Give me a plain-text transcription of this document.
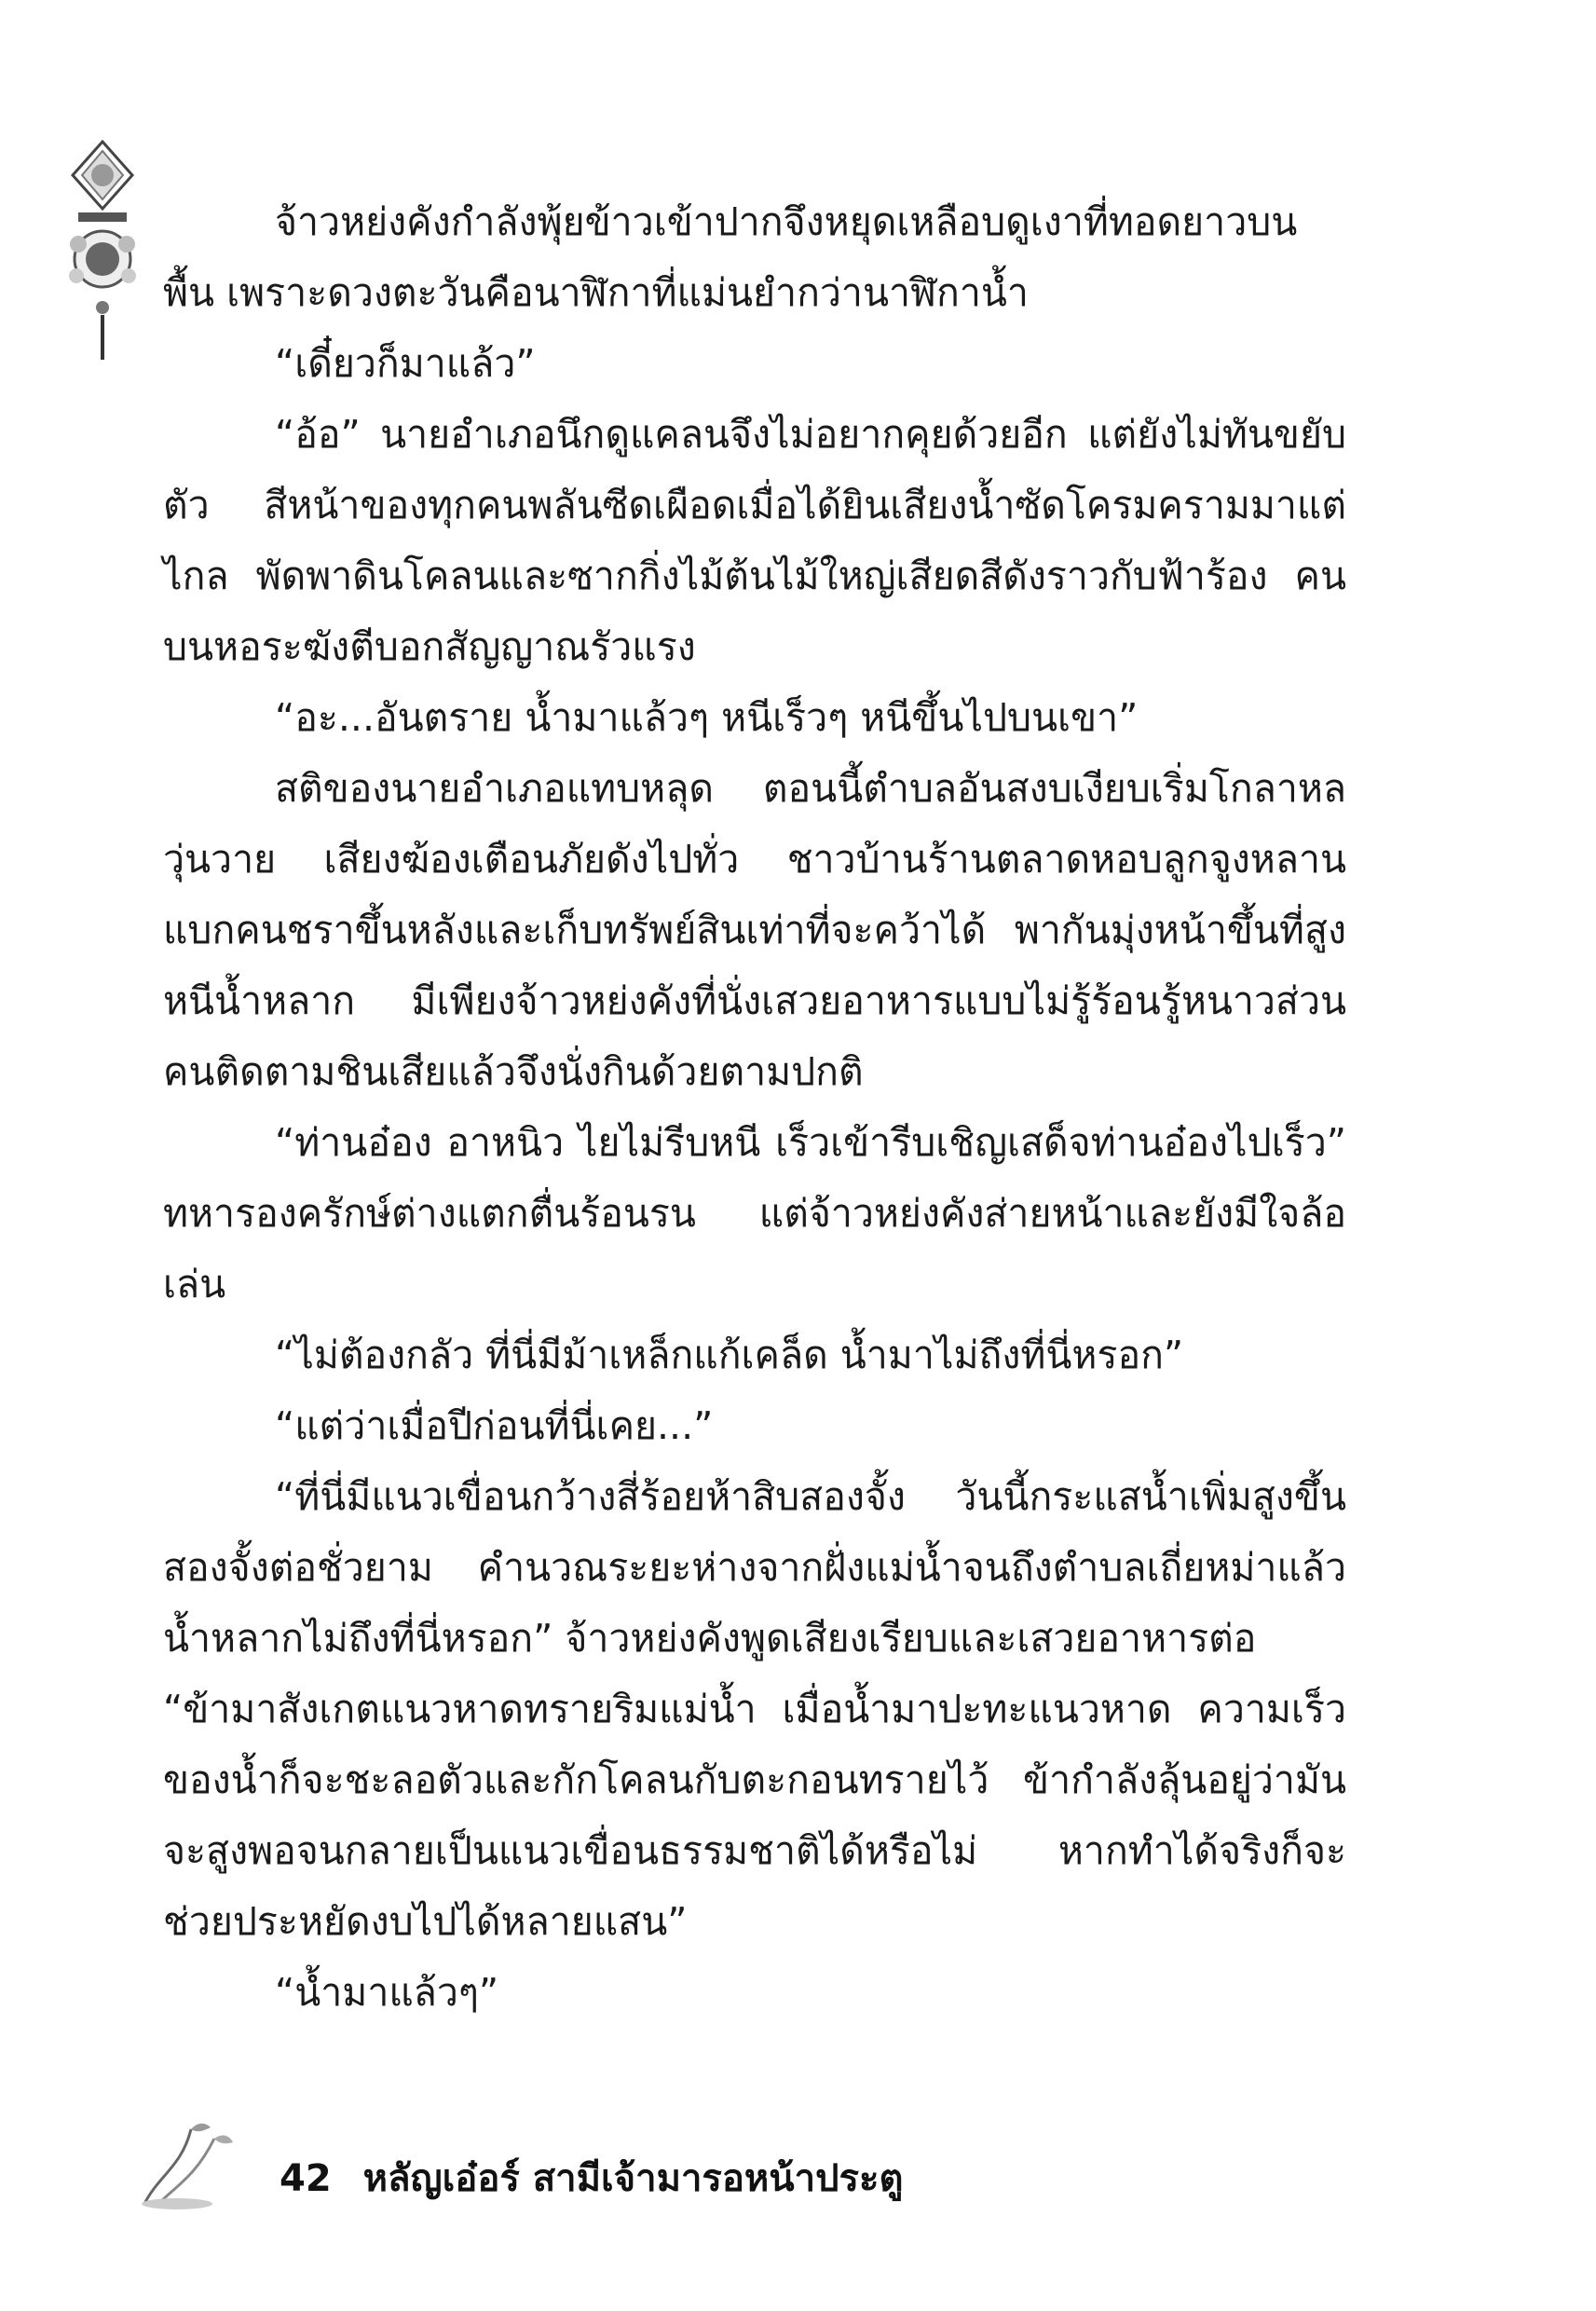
จ้าวหย่งคังกำลังพุ้ยข้าวเข้าปากจึงหยุดเหลือบดูเงาที่ทอดยาวบนพื้น เพราะดวงตะวันคือนาฬิกาที่แม่นยำกว่านาฬิกาน้ำ

“เดี๋ยวก็มาแล้ว”

“อ้อ” นายอำเภอนึกดูแคลนจึงไม่อยากคุยด้วยอีก แต่ยังไม่ทันขยับตัว สีหน้าของทุกคนพลันซีดเผือดเมื่อได้ยินเสียงน้ำซัดโครมครามมาแต่ไกล พัดพาดินโคลนและซากกิ่งไม้ต้นไม้ใหญ่เสียดสีดังราวกับฟ้าร้อง คนบนหอระฆังตีบอกสัญญาณรัวแรง

“อะ...อันตราย น้ำมาแล้วๆ หนีเร็วๆ หนีขึ้นไปบนเขา”

สติของนายอำเภอแทบหลุด ตอนนี้ตำบลอันสงบเงียบเริ่มโกลาหลวุ่นวาย เสียงฆ้องเตือนภัยดังไปทั่ว ชาวบ้านร้านตลาดหอบลูกจูงหลานแบกคนชราขึ้นหลังและเก็บทรัพย์สินเท่าที่จะคว้าได้ พากันมุ่งหน้าขึ้นที่สูงหนีน้ำหลาก มีเพียงจ้าวหย่งคังที่นั่งเสวยอาหารแบบไม่รู้ร้อนรู้หนาวส่วนคนติดตามชินเสียแล้วจึงนั่งกินด้วยตามปกติ

“ท่านอ๋อง อาหนิว ไยไม่รีบหนี เร็วเข้ารีบเชิญเสด็จท่านอ๋องไปเร็ว” ทหารองครักษ์ต่างแตกตื่นร้อนรน แต่จ้าวหย่งคังส่ายหน้าและยังมีใจล้อเล่น

“ไม่ต้องกลัว ที่นี่มีม้าเหล็กแก้เคล็ด น้ำมาไม่ถึงที่นี่หรอก”

“แต่ว่าเมื่อปีก่อนที่นี่เคย...”

“ที่นี่มีแนวเขื่อนกว้างสี่ร้อยห้าสิบสองจั้ง วันนี้กระแสน้ำเพิ่มสูงขึ้นสองจั้งต่อชั่วยาม คำนวณระยะห่างจากฝั่งแม่น้ำจนถึงตำบลเถี่ยหม่าแล้วน้ำหลากไม่ถึงที่นี่หรอก” จ้าวหย่งคังพูดเสียงเรียบและเสวยอาหารต่อ

“ข้ามาสังเกตแนวหาดทรายริมแม่น้ำ เมื่อน้ำมาปะทะแนวหาด ความเร็วของน้ำก็จะชะลอตัวและกักโคลนกับตะกอนทรายไว้ ข้ากำลังลุ้นอยู่ว่ามันจะสูงพอจนกลายเป็นแนวเขื่อนธรรมชาติได้หรือไม่ หากทำได้จริงก็จะช่วยประหยัดงบไปได้หลายแสน”

“น้ำมาแล้วๆ”

42 หลัญเอ๋อร์ สามีเจ้ามารอหน้าประตู
